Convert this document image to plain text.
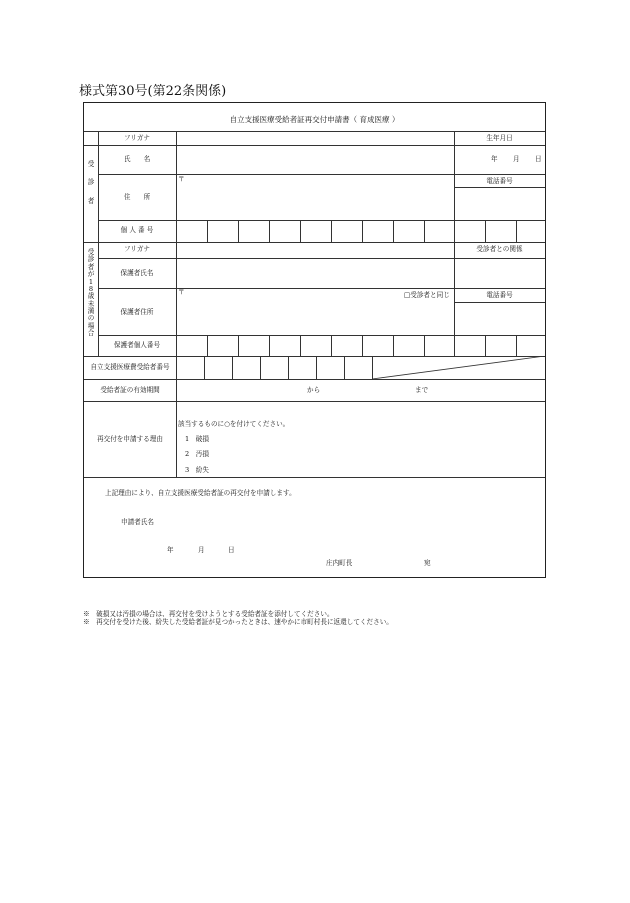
様式第30号(第22条関係)
自立支援医療受給者証再交付申請書（ 育成医療 ）
受
診
者
フリガナ	生年月日
氏　　名	年 月 日
〒
住　　所
電話番号
個 人 番 号
受
診
者
が
1
8
歳
未
満
の
場
合
フリガナ	受診者との関係
保護者氏名
〒	□受診者と同じ
保護者住所
電話番号
保護者個人番号
自立支援医療費受給者番号
受給者証の有効期間	から	まで
再交付を申請する理由
該当するものに○を付けてください。
1　破損
2　汚損
3　紛失
上記理由により、自立支援医療受給者証の再交付を申請します。
申請者氏名
年	月	日
庄内町長	宛
※　破損又は汚損の場合は、再交付を受けようとする受給者証を添付してください。
※　再交付を受けた後、紛失した受給者証が見つかったときは、速やかに市町村長に返還してください。
